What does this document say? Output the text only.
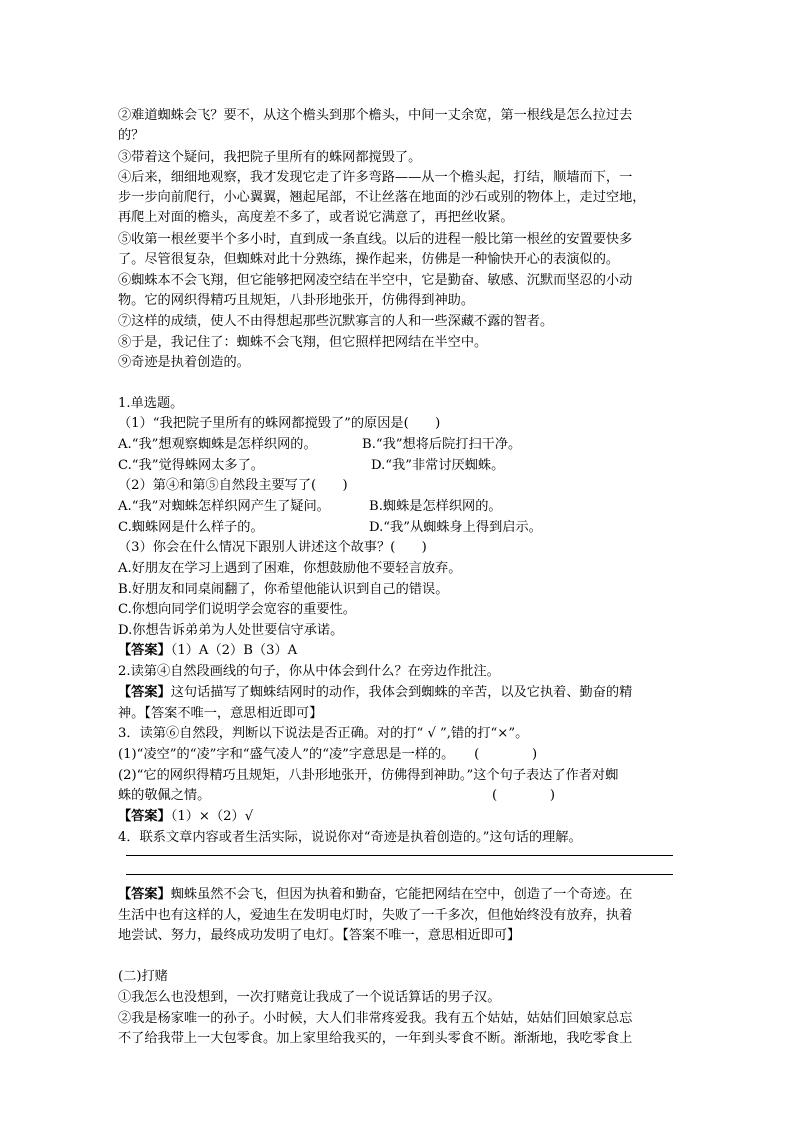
②难道蜘蛛会飞？要不，从这个檐头到那个檐头，中间一丈余宽，第一根线是怎么拉过去
的？
③带着这个疑问，我把院子里所有的蛛网都搅毁了。
④后来，细细地观察，我才发现它走了许多弯路——从一个檐头起，打结，顺墙而下，一
步一步向前爬行，小心翼翼，翘起尾部，不让丝落在地面的沙石或别的物体上，走过空地，
再爬上对面的檐头，高度差不多了，或者说它满意了，再把丝收紧。
⑤收第一根丝要半个多小时，直到成一条直线。以后的进程一般比第一根丝的安置要快多
了。尽管很复杂，但蜘蛛对此十分熟练，操作起来，仿佛是一种愉快开心的表演似的。
⑥蜘蛛本不会飞翔，但它能够把网凌空结在半空中，它是勤奋、敏感、沉默而坚忍的小动
物。它的网织得精巧且规矩，八卦形地张开，仿佛得到神助。
⑦这样的成绩，使人不由得想起那些沉默寡言的人和一些深藏不露的智者。
⑧于是，我记住了：蜘蛛不会飞翔，但它照样把网结在半空中。
⑨奇迹是执着创造的。
1.单选题。
（1）“我把院子里所有的蛛网都搅毁了”的原因是(　　)
A.“我”想观察蜘蛛是怎样织网的。	B.“我”想将后院打扫干净。
C.“我”觉得蛛网太多了。	D.“我”非常讨厌蜘蛛。
（2）第④和第⑤自然段主要写了(　　)
A.“我”对蜘蛛怎样织网产生了疑问。	B.蜘蛛是怎样织网的。
C.蜘蛛网是什么样子的。	D.“我”从蜘蛛身上得到启示。
（3）你会在什么情况下跟别人讲述这个故事？(　　)
A.好朋友在学习上遇到了困难，你想鼓励他不要轻言放弃。
B.好朋友和同桌闹翻了，你希望他能认识到自己的错误。
C.你想向同学们说明学会宽容的重要性。
D.你想告诉弟弟为人处世要信守承诺。
【答案】（1）A（2）B（3）A
2.读第④自然段画线的句子，你从中体会到什么？在旁边作批注。
【答案】这句话描写了蜘蛛结网时的动作，我体会到蜘蛛的辛苦，以及它执着、勤奋的精
神。【答案不唯一，意思相近即可】
3．读第⑥自然段，判断以下说法是否正确。对的打“ √ ”,错的打“×”。
(1)“凌空”的“凌”字和“盛气凌人”的“凌”字意思是一样的。　　(　　　　)
(2)“它的网织得精巧且规矩，八卦形地张开，仿佛得到神助。”这个句子表达了作者对蜘
蛛的敬佩之情。	(　　　　)
【答案】（1）×（2）√
4．联系文章内容或者生活实际，说说你对“奇迹是执着创造的。”这句话的理解。
【答案】蜘蛛虽然不会飞，但因为执着和勤奋，它能把网结在空中，创造了一个奇迹。在
生活中也有这样的人，爱迪生在发明电灯时，失败了一千多次，但他始终没有放弃，执着
地尝试、努力，最终成功发明了电灯。【答案不唯一，意思相近即可】
(二)打赌
①我怎么也没想到，一次打赌竟让我成了一个说话算话的男子汉。
②我是杨家唯一的孙子。小时候，大人们非常疼爱我。我有五个姑姑，姑姑们回娘家总忘
不了给我带上一大包零食。加上家里给我买的，一年到头零食不断。渐渐地，我吃零食上
